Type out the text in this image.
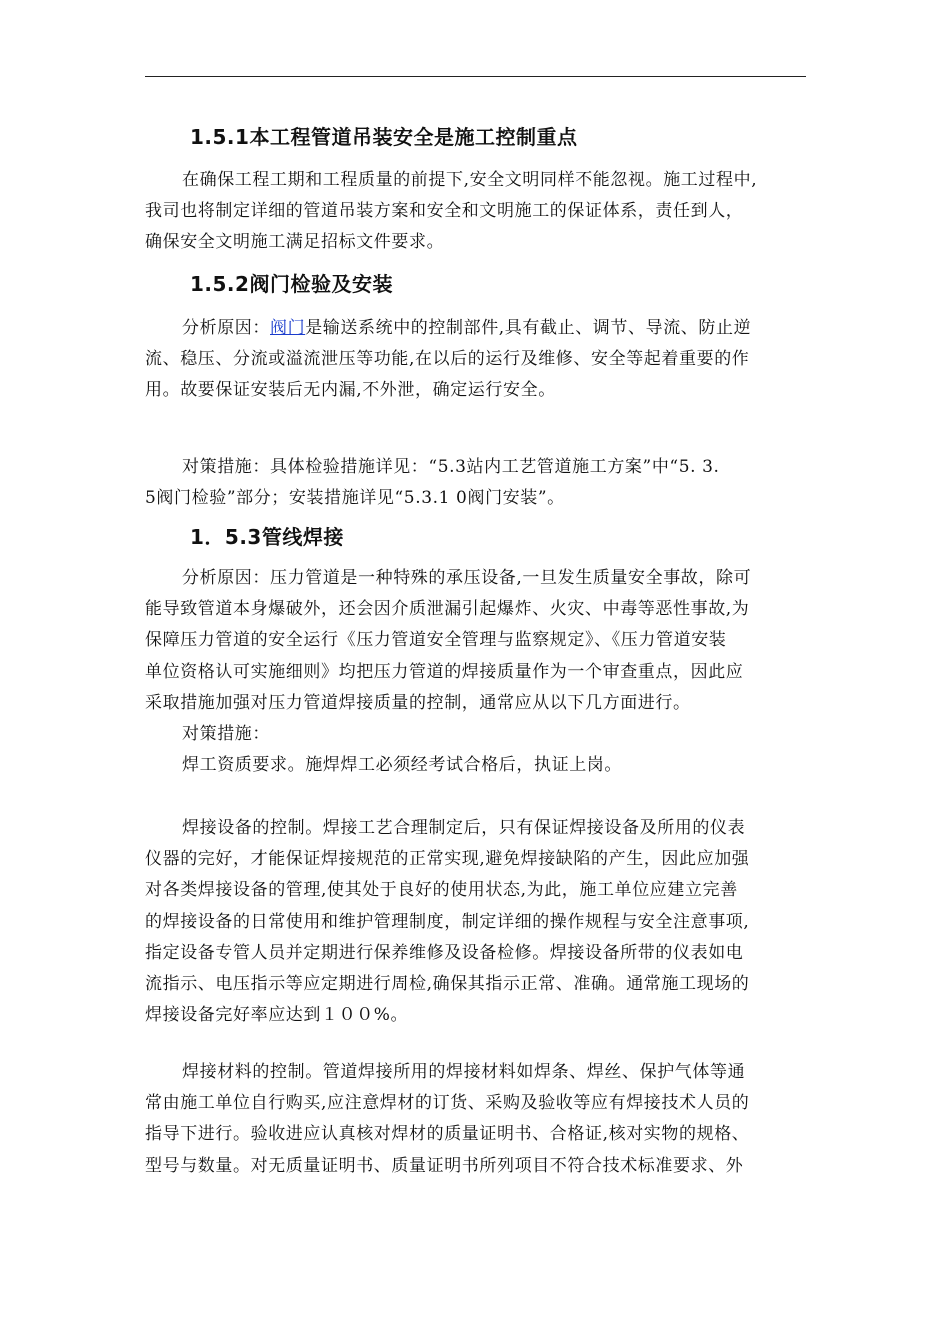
1.5.1本工程管道吊装安全是施工控制重点
在确保工程工期和工程质量的前提下,安全文明同样不能忽视。施工过程中,
我司也将制定详细的管道吊装方案和安全和文明施工的保证体系，责任到人，
确保安全文明施工满足招标文件要求。
1.5.2阀门检验及安装
分析原因：阀门是输送系统中的控制部件,具有截止、调节、导流、防止逆
流、稳压、分流或溢流泄压等功能,在以后的运行及维修、安全等起着重要的作
用。故要保证安装后无内漏,不外泄，确定运行安全。
对策措施：具体检验措施详见：“5.3站内工艺管道施工方案”中“5. 3.
5阀门检验”部分；安装措施详见“5.3.1 0阀门安装”。
1．5.3管线焊接
分析原因：压力管道是一种特殊的承压设备,一旦发生质量安全事故，除可
能导致管道本身爆破外，还会因介质泄漏引起爆炸、火灾、中毒等恶性事故,为
保障压力管道的安全运行《压力管道安全管理与监察规定》、《压力管道安装
单位资格认可实施细则》均把压力管道的焊接质量作为一个审查重点，因此应
采取措施加强对压力管道焊接质量的控制，通常应从以下几方面进行。
对策措施：
焊工资质要求。施焊焊工必须经考试合格后，执证上岗。
焊接设备的控制。焊接工艺合理制定后，只有保证焊接设备及所用的仪表
仪器的完好，才能保证焊接规范的正常实现,避免焊接缺陷的产生，因此应加强
对各类焊接设备的管理,使其处于良好的使用状态,为此，施工单位应建立完善
的焊接设备的日常使用和维护管理制度，制定详细的操作规程与安全注意事项,
指定设备专管人员并定期进行保养维修及设备检修。焊接设备所带的仪表如电
流指示、电压指示等应定期进行周检,确保其指示正常、准确。通常施工现场的
焊接设备完好率应达到１００%。
焊接材料的控制。管道焊接所用的焊接材料如焊条、焊丝、保护气体等通
常由施工单位自行购买,应注意焊材的订货、采购及验收等应有焊接技术人员的
指导下进行。验收进应认真核对焊材的质量证明书、合格证,核对实物的规格、
型号与数量。对无质量证明书、质量证明书所列项目不符合技术标准要求、外
